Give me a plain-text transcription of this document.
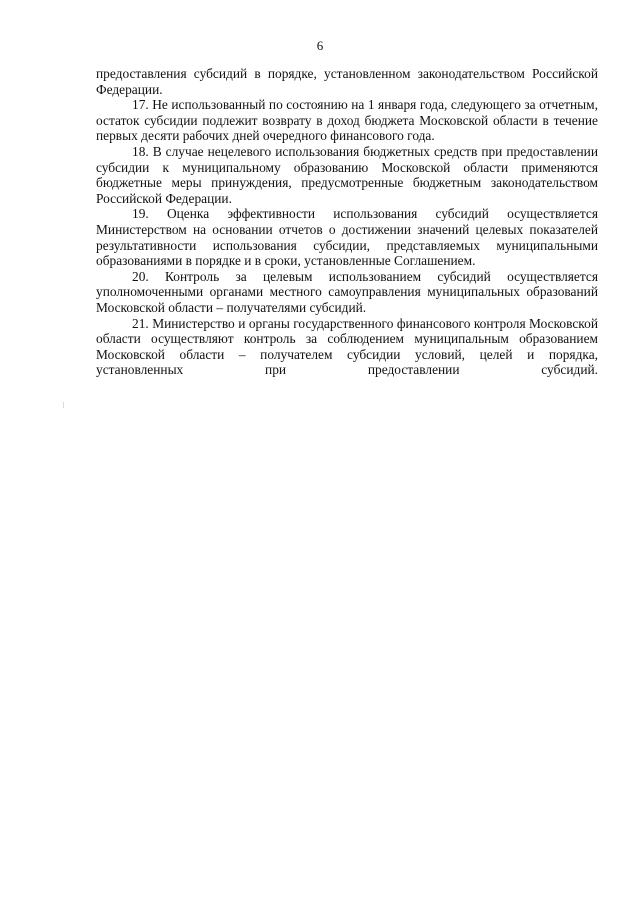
6

предоставления субсидий в порядке, установленном законодательством Российской Федерации.

17. Не использованный по состоянию на 1 января года, следующего за отчетным, остаток субсидии подлежит возврату в доход бюджета Московской области в течение первых десяти рабочих дней очередного финансового года.

18. В случае нецелевого использования бюджетных средств при предоставлении субсидии к муниципальному образованию Московской области применяются бюджетные меры принуждения, предусмотренные бюджетным законодательством Российской Федерации.

19. Оценка эффективности использования субсидий осуществляется Министерством на основании отчетов о достижении значений целевых показателей результативности использования субсидии, представляемых муниципальными образованиями в порядке и в сроки, установленные Соглашением.

20. Контроль за целевым использованием субсидий осуществляется уполномоченными органами местного самоуправления муниципальных образований Московской области – получателями субсидий.

21. Министерство и органы государственного финансового контроля Московской области осуществляют контроль за соблюдением муниципальным образованием Московской области – получателем субсидии условий, целей и порядка, установленных при предоставлении субсидий.
